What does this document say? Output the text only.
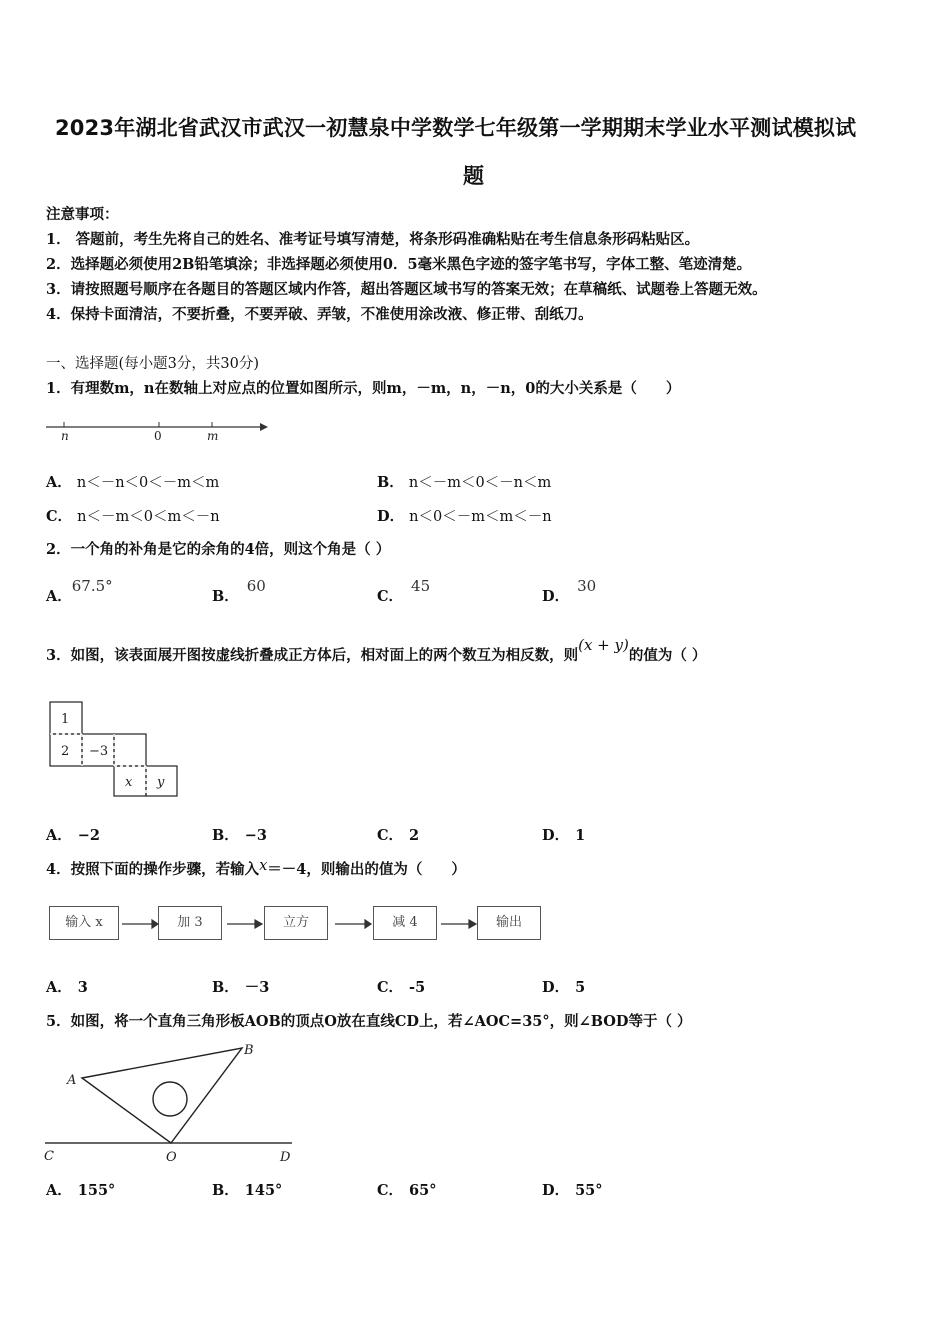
2023年湖北省武汉市武汉一初慧泉中学数学七年级第一学期期末学业水平测试模拟试
题
注意事项：
1． 答题前，考生先将自己的姓名、准考证号填写清楚，将条形码准确粘贴在考生信息条形码粘贴区。
2．选择题必须使用2B铅笔填涂；非选择题必须使用0．5毫米黑色字迹的签字笔书写，字体工整、笔迹清楚。
3．请按照题号顺序在各题目的答题区域内作答，超出答题区域书写的答案无效；在草稿纸、试题卷上答题无效。
4．保持卡面清洁，不要折叠，不要弄破、弄皱，不准使用涂改液、修正带、刮纸刀。
一、选择题(每小题3分，共30分)
1．有理数m，n在数轴上对应点的位置如图所示，则m，－m，n，－n，0的大小关系是（　　）
n	0	m
A． n＜－n＜0＜－m＜m	B． n＜－m＜0＜－n＜m
C． n＜－m＜0＜m＜－n	D． n＜0＜－m＜m＜－n
2．一个角的补角是它的余角的4倍，则这个角是（ ）
A．67.5°
B．60
C．45
D．30
3．如图，该表面展开图按虚线折叠成正方体后，相对面上的两个数互为相反数，则(x + y)的值为（ ）
1
2 −3
x y
A． −2	B． −3	C． 2	D． 1
4．按照下面的操作步骤，若输入x＝－4，则输出的值为（　　）
输入 x	加 3	立方	减 4	输出
A． 3	B． －3	C． -5	D． 5
5．如图，将一个直角三角形板AOB的顶点O放在直线CD上，若∠AOC=35°，则∠BOD等于（ ）
A
B
C	O	D
A． 155°	B． 145°	C． 65°	D． 55°
